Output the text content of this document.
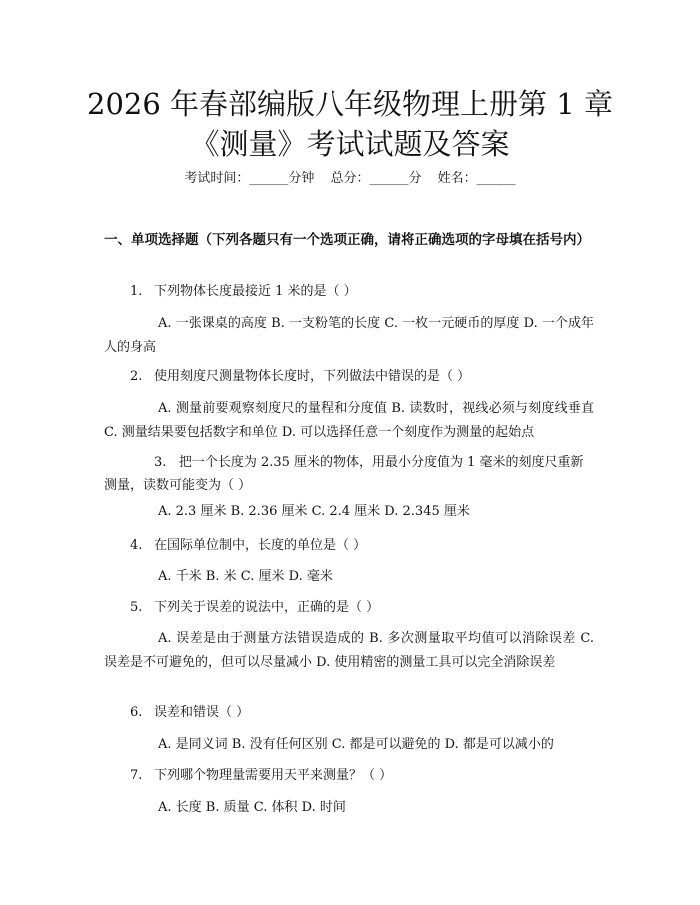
2026 年春部编版八年级物理上册第 1 章《测量》考试试题及答案
考试时间：______分钟 总分：______分 姓名：______
一、单项选择题（下列各题只有一个选项正确，请将正确选项的字母填在括号内）
1. 下列物体长度最接近 1 米的是（ ）
A. 一张课桌的高度 B. 一支粉笔的长度 C. 一枚一元硬币的厚度 D. 一个成年人的身高
2. 使用刻度尺测量物体长度时，下列做法中错误的是（ ）
A. 测量前要观察刻度尺的量程和分度值 B. 读数时，视线必须与刻度线垂直 C. 测量结果要包括数字和单位 D. 可以选择任意一个刻度作为测量的起始点
3. 把一个长度为 2.35 厘米的物体，用最小分度值为 1 毫米的刻度尺重新测量，读数可能变为（ ）
A. 2.3 厘米 B. 2.36 厘米 C. 2.4 厘米 D. 2.345 厘米
4. 在国际单位制中，长度的单位是（ ）
A. 千米 B. 米 C. 厘米 D. 毫米
5. 下列关于误差的说法中，正确的是（ ）
A. 误差是由于测量方法错误造成的 B. 多次测量取平均值可以消除误差 C. 误差是不可避免的，但可以尽量减小 D. 使用精密的测量工具可以完全消除误差
6. 误差和错误（ ）
A. 是同义词 B. 没有任何区别 C. 都是可以避免的 D. 都是可以减小的
7. 下列哪个物理量需要用天平来测量？（ ）
A. 长度 B. 质量 C. 体积 D. 时间
